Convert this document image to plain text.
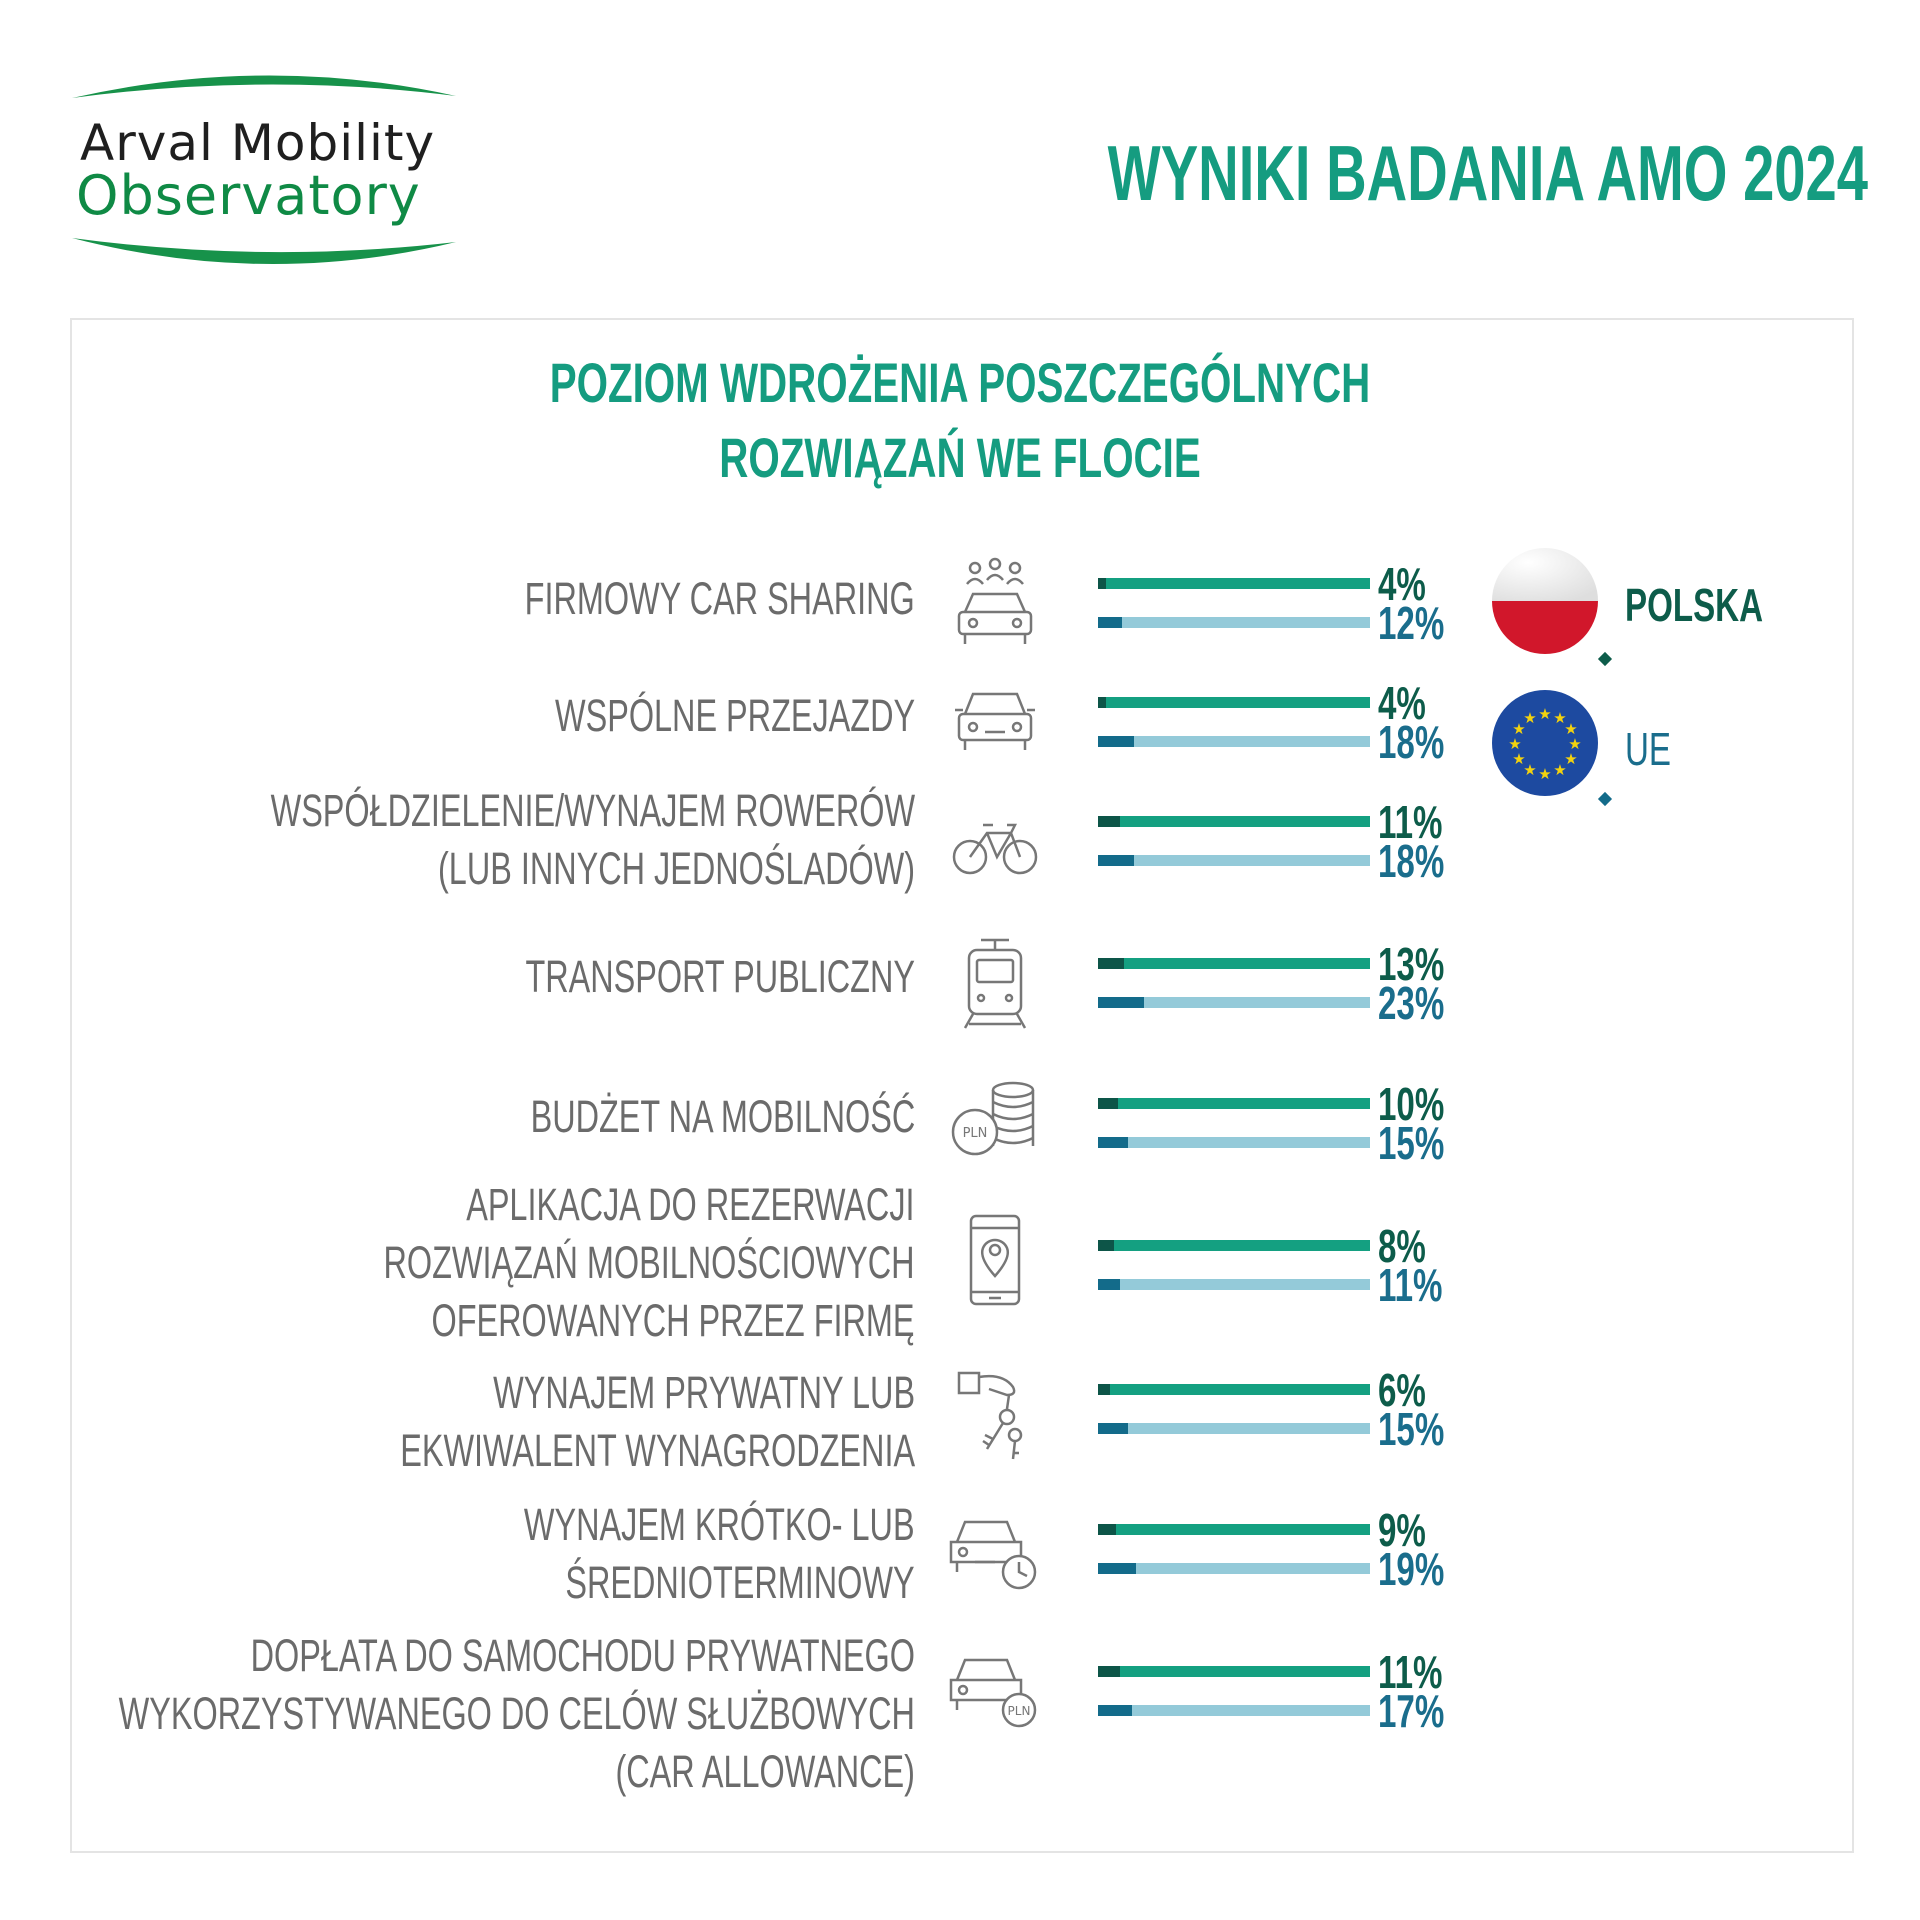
Arval Mobility
Observatory	WYNIKI BADANIA AMO 2024
POZIOM WDROŻENIA POSZCZEGÓLNYCH
ROZWIĄZAŃ WE FLOCIE
FIRMOWY CAR SHARING
WSPÓLNE PRZEJAZDY
WSPÓŁDZIELENIE/WYNAJEM ROWERÓW
(LUB INNYCH JEDNOŚLADÓW)
TRANSPORT PUBLICZNY
BUDŻET NA MOBILNOŚĆ
APLIKACJA DO REZERWACJI
ROZWIĄZAŃ MOBILNOŚCIOWYCH
OFEROWANYCH PRZEZ FIRMĘ
WYNAJEM PRYWATNY LUB
EKWIWALENT WYNAGRODZENIA
WYNAJEM KRÓTKO- LUB
ŚREDNIOTERMINOWY
DOPŁATA DO SAMOCHODU PRYWATNEGO
WYKORZYSTYWANEGO DO CELÓW SŁUŻBOWYCH
(CAR ALLOWANCE)
PLN
PLN
4%
12%
4%
18%
11%
18%
13%
23%
10%
15%
8%
11%
6%
15%
9%
19%
11%
17%
POLSKA
★ ★
★
★
★
★
★
★
★
★
★
★
UE
